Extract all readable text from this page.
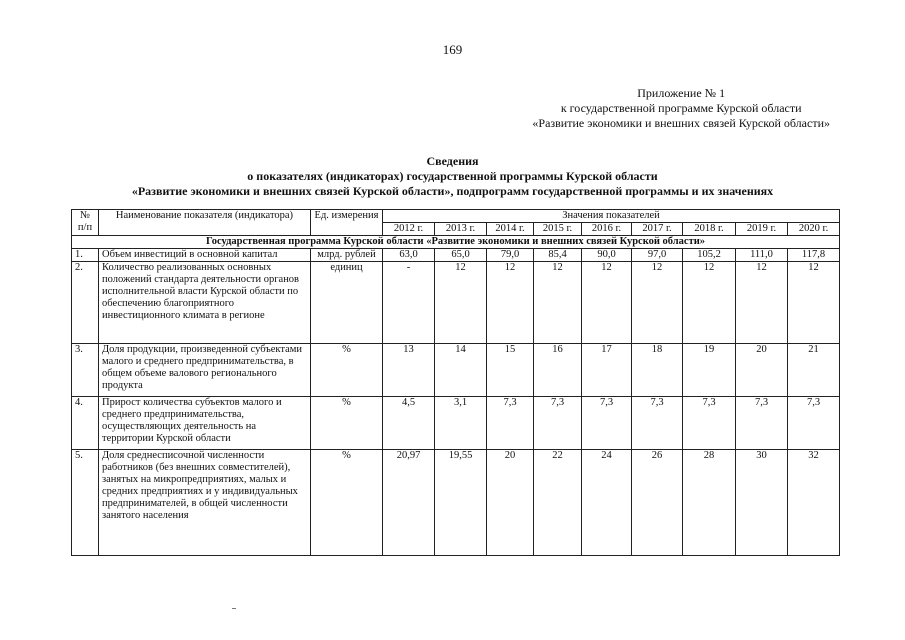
169
Приложение № 1
к государственной программе Курской области
«Развитие экономики и внешних связей Курской области»
Сведения
о показателях (индикаторах) государственной программы Курской области
«Развитие экономики и внешних связей Курской области», подпрограмм государственной программы и их значениях
№ п/п	Наименование показателя (индикатора)	Ед. измерения	Значения показателей								
			2012 г.	2013 г.	2014 г.	2015 г.	2016 г.	2017 г.	2018 г.	2019 г.	2020 г.
Государственная программа Курской области «Развитие экономики и внешних связей Курской области»											
1.	Объем инвестиций в основной капитал	млрд. рублей	63,0	65,0	79,0	85,4	90,0	97,0	105,2	111,0	117,8
2.	Количество реализованных основных положений стандарта деятельности органов исполнительной власти Курской области по обеспечению благоприятного инвестиционного климата в регионе	единиц	-	12	12	12	12	12	12	12	12
3.	Доля продукции, произведенной субъектами малого и среднего предпринимательства, в общем объеме валового регионального продукта	%	13	14	15	16	17	18	19	20	21
4.	Прирост количества субъектов малого и среднего предпринимательства, осуществляющих деятельность на территории Курской области	%	4,5	3,1	7,3	7,3	7,3	7,3	7,3	7,3	7,3
5.	Доля среднесписочной численности работников (без внешних совместителей), занятых на микропредприятиях, малых и средних предприятиях и у индивидуальных предпринимателей, в общей численности занятого населения	%	20,97	19,55	20	22	24	26	28	30	32
